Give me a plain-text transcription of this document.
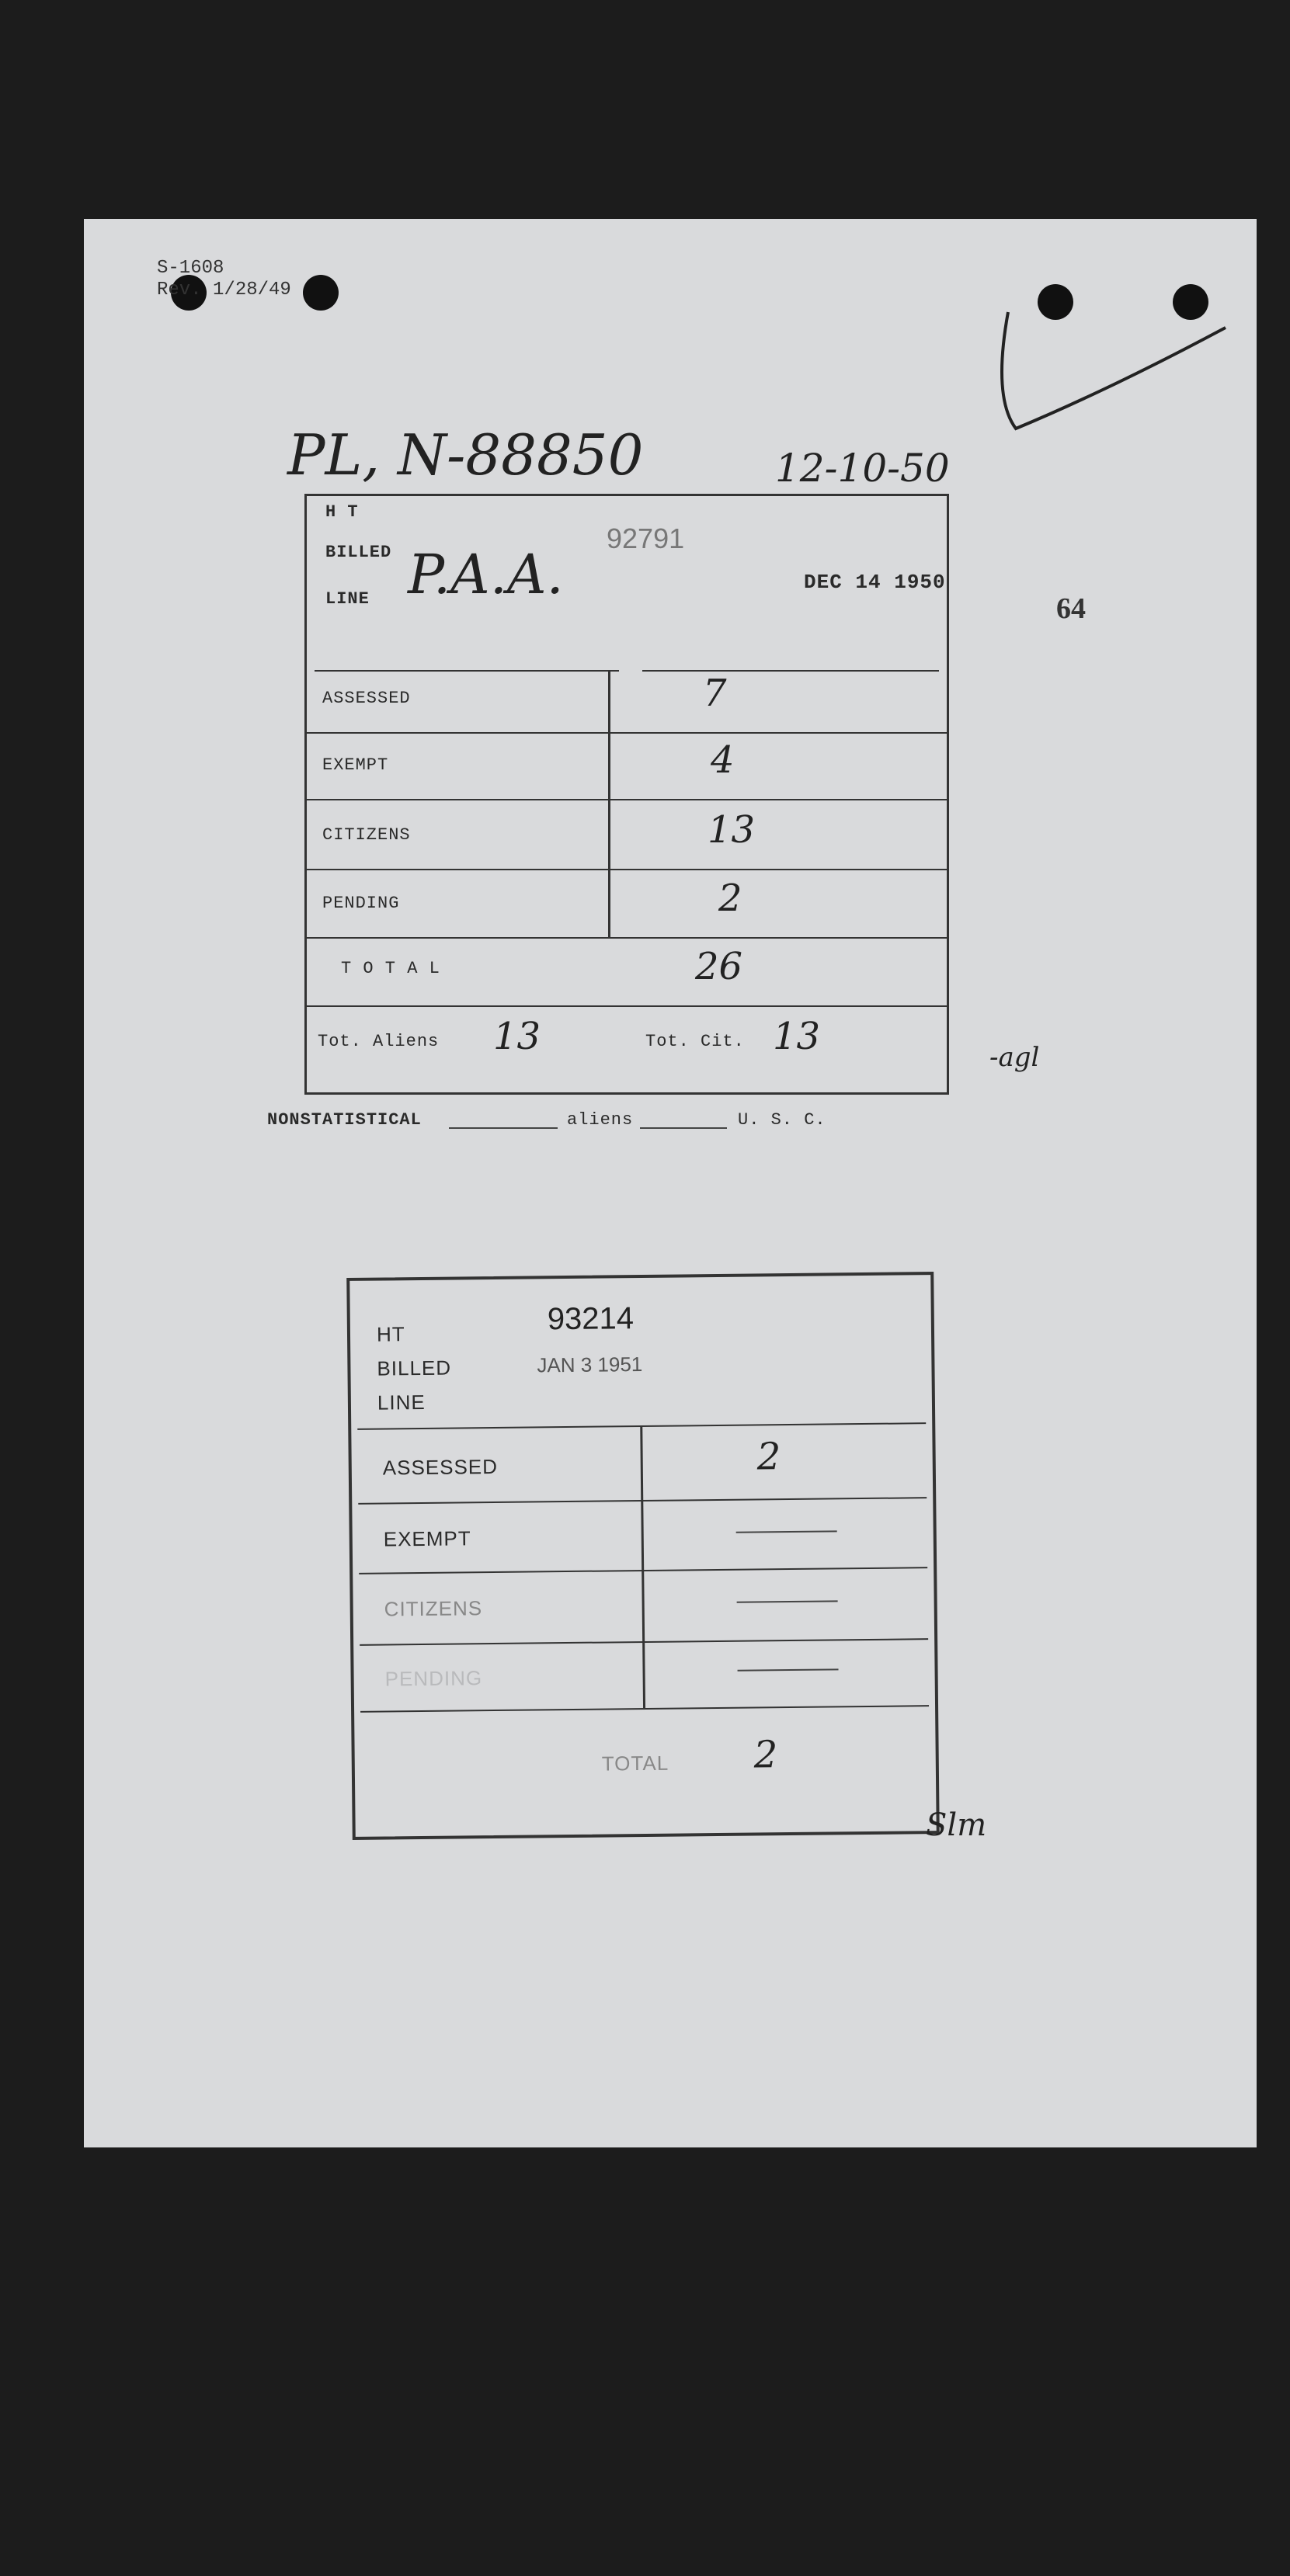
S-1608
Rev. 1/28/49
PL, N-88850	12-10-50
64
-agl
H T
BILLED
LINE P.A.A.
92791
DEC 14 1950
ASSESSED	7
EXEMPT	4
CITIZENS	13
PENDING	2
T O T A L	26
Tot. Aliens 13	Tot. Cit. 13
NONSTATISTICAL	aliens	U. S. C.
HT
BILLED
LINE
93214
JAN 3 1951
ASSESSED	2
EXEMPT
CITIZENS
PENDING
TOTAL 2
Slm
